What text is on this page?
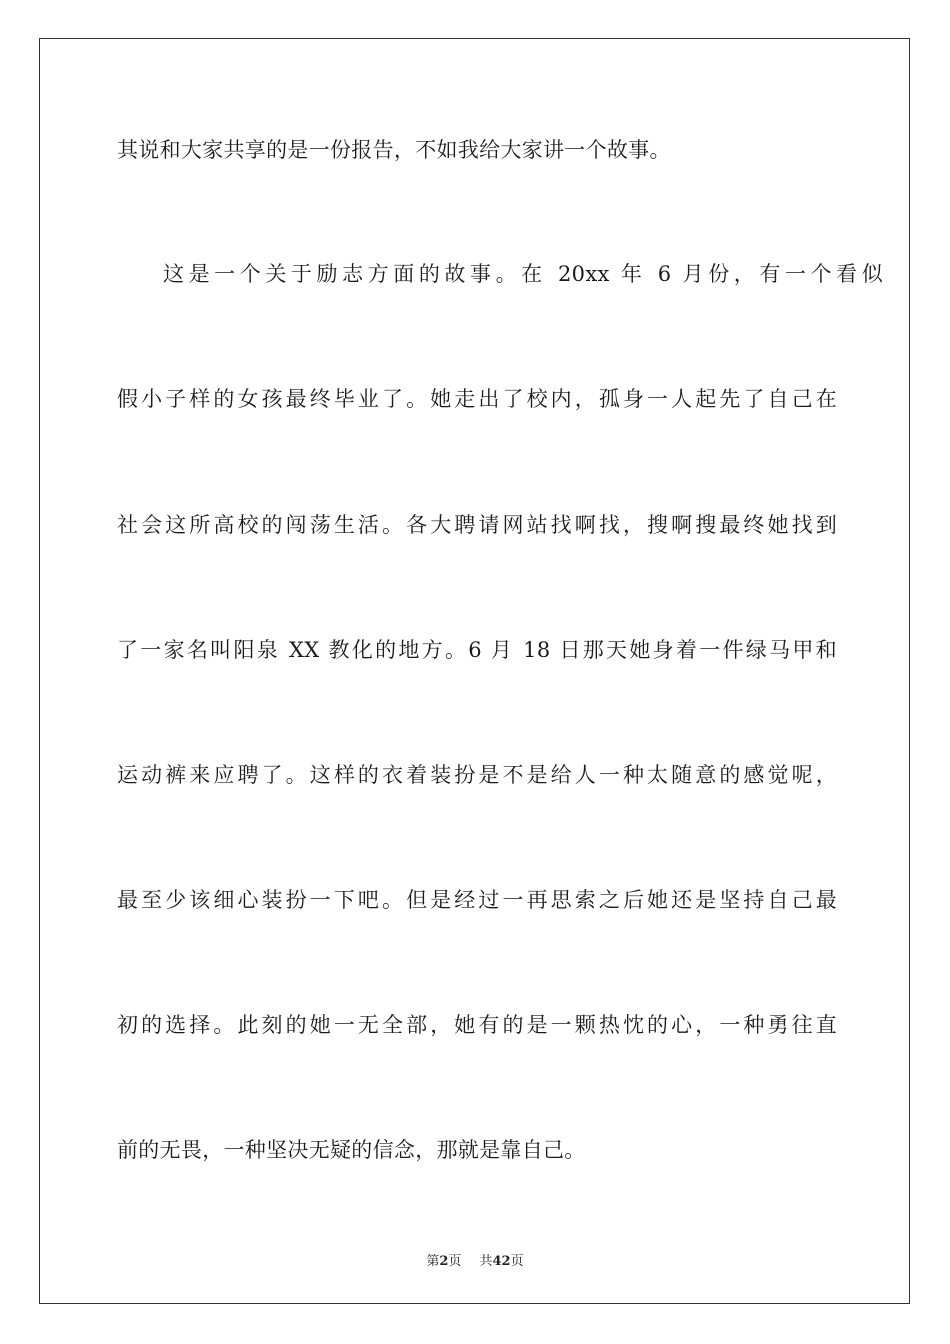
其说和大家共享的是一份报告，不如我给大家讲一个故事。
这是一个关于励志方面的故事。在 20xx 年 6 月份，有一个看似
假小子样的女孩最终毕业了。她走出了校内，孤身一人起先了自己在
社会这所高校的闯荡生活。各大聘请网站找啊找，搜啊搜最终她找到
了一家名叫阳泉 XX 教化的地方。6 月 18 日那天她身着一件绿马甲和
运动裤来应聘了。这样的衣着装扮是不是给人一种太随意的感觉呢，
最至少该细心装扮一下吧。但是经过一再思索之后她还是坚持自己最
初的选择。此刻的她一无全部，她有的是一颗热忱的心，一种勇往直
前的无畏，一种坚决无疑的信念，那就是靠自己。
第2页 共42页
